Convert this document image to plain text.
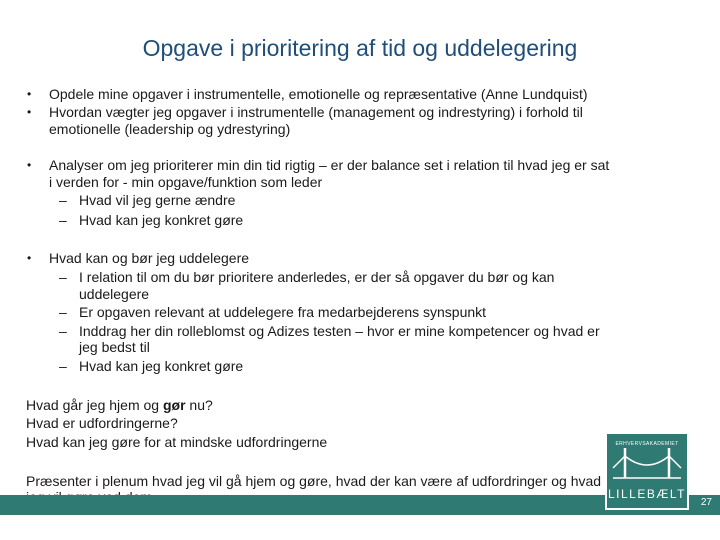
Opgave i prioritering af tid og uddelegering
• Opdele mine opgaver i instrumentelle, emotionelle og repræsentative (Anne Lundquist)
• Hvordan vægter jeg opgaver i instrumentelle (management og indrestyring) i forhold til
emotionelle (leadership og ydrestyring)
• Analyser om jeg prioriterer min din tid rigtig – er der balance set i relation til hvad jeg er sat
i verden for - min opgave/funktion som leder
– Hvad vil jeg gerne ændre
– Hvad kan jeg konkret gøre
• Hvad kan og bør jeg uddelegere
– I relation til om du bør prioritere anderledes, er der så opgaver du bør og kan
uddelegere
– Er opgaven relevant at uddelegere fra medarbejderens synspunkt
– Inddrag her din rolleblomst og Adizes testen – hvor er mine kompetencer og hvad er
jeg bedst til
– Hvad kan jeg konkret gøre
Hvad går jeg hjem og gør nu?
Hvad er udfordringerne?
Hvad kan jeg gøre for at mindske udfordringerne
Præsenter i plenum hvad jeg vil gå hjem og gøre, hvad der kan være af udfordringer og hvad
27
ERHVERVSAKADEMIET
LILLEBÆLT
